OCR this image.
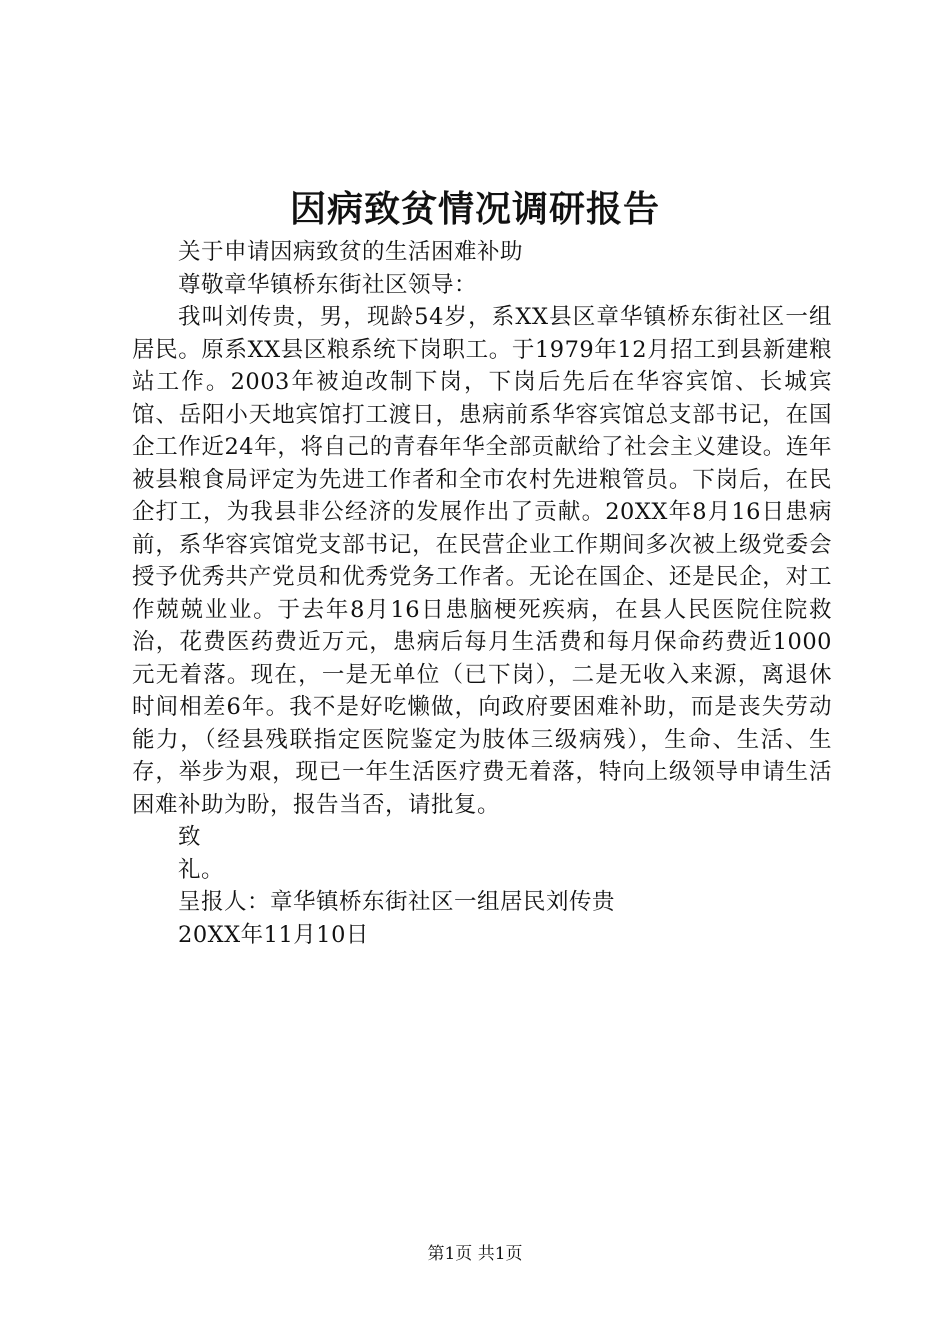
因病致贫情况调研报告

关于申请因病致贫的生活困难补助

尊敬章华镇桥东街社区领导：

我叫刘传贵，男，现龄54岁，系XX县区章华镇桥东街社区一组居民。原系XX县区粮系统下岗职工。于1979年12月招工到县新建粮站工作。2003年被迫改制下岗，下岗后先后在华容宾馆、长城宾馆、岳阳小天地宾馆打工渡日，患病前系华容宾馆总支部书记，在国企工作近24年，将自己的青春年华全部贡献给了社会主义建设。连年被县粮食局评定为先进工作者和全市农村先进粮管员。下岗后，在民企打工，为我县非公经济的发展作出了贡献。20XX年8月16日患病前，系华容宾馆党支部书记，在民营企业工作期间多次被上级党委会授予优秀共产党员和优秀党务工作者。无论在国企、还是民企，对工作兢兢业业。于去年8月16日患脑梗死疾病，在县人民医院住院救治，花费医药费近万元，患病后每月生活费和每月保命药费近1000元无着落。现在，一是无单位（已下岗），二是无收入来源，离退休时间相差6年。我不是好吃懒做，向政府要困难补助，而是丧失劳动能力，（经县残联指定医院鉴定为肢体三级病残），生命、生活、生存，举步为艰，现已一年生活医疗费无着落，特向上级领导申请生活困难补助为盼，报告当否，请批复。

致

礼。

呈报人：章华镇桥东街社区一组居民刘传贵

20XX年11月10日

第1页 共1页
